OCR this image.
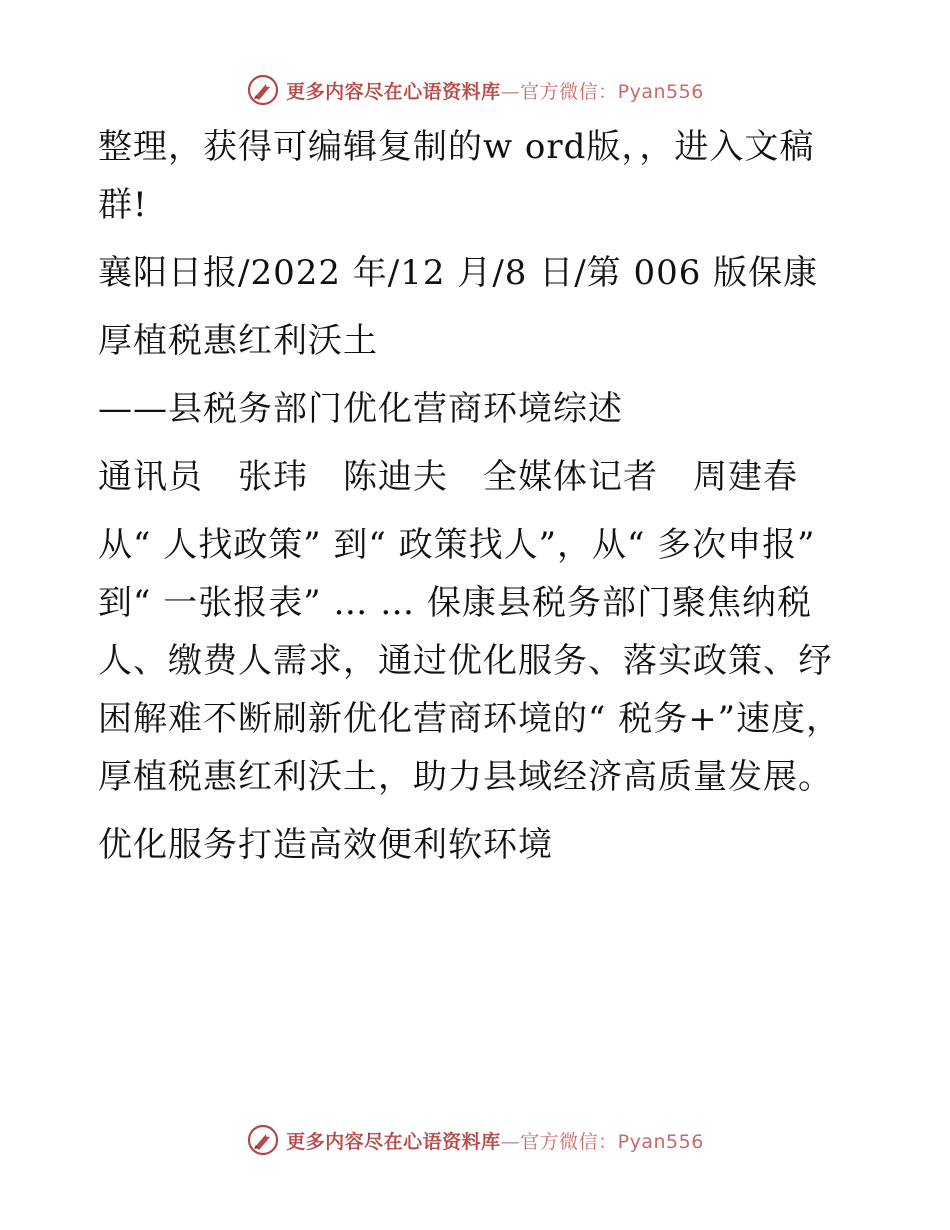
更多内容尽在心语资料库—官方微信：Pyan556

整理，获得可编辑复制的w ord版，，进入文稿群!

襄阳日报/2022 年/12 月/8 日/第 006 版保康

厚植税惠红利沃土

——县税务部门优化营商环境综述

通讯员　张玮　陈迪夫　全媒体记者　周建春

从“ 人找政策” 到“ 政策找人”，从“ 多次申报” 到“ 一张报表” … … 保康县税务部门聚焦纳税人、缴费人需求，通过优化服务、落实政策、纾困解难不断刷新优化营商环境的“ 税务+”速度，厚植税惠红利沃土，助力县域经济高质量发展。

优化服务打造高效便利软环境

更多内容尽在心语资料库—官方微信：Pyan556
